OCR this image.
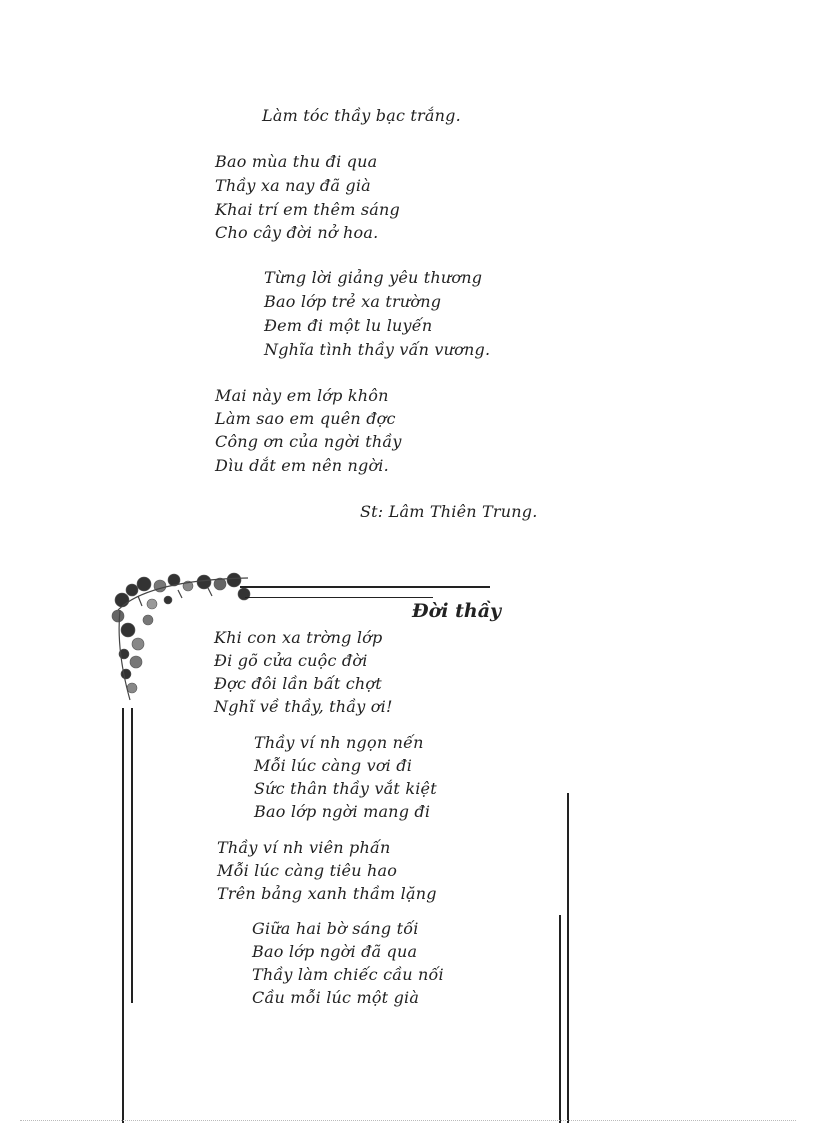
Làm tóc thầy bạc trắng.
Bao mùa thu đi qua
Thầy xa nay đã già
Khai trí em thêm sáng
Cho cây đời nở hoa.
Từng lời giảng yêu thương
Bao lớp trẻ xa trường
Đem đi một lu luyến
Nghĩa tình thầy vấn vương.
Mai này em lớp khôn
Làm sao em quên đợc
Công ơn của ngời thầy
Dìu dắt em nên ngời.
St: Lâm Thiên Trung.
Đời thầy
Khi con xa trờng lớp
Đi gõ cửa cuộc đời
Đợc đôi lần bất chợt
Nghĩ về thầy, thầy ơi!
Thầy ví nh ngọn nến
Mỗi lúc càng vơi đi
Sức thân thầy vắt kiệt
Bao lớp ngời mang đi
Thầy ví nh viên phấn
Mỗi lúc càng tiêu hao
Trên bảng xanh thầm lặng
Giữa hai bờ sáng tối
Bao lớp ngời đã qua
Thầy làm chiếc cầu nối
Cầu mỗi lúc một già
